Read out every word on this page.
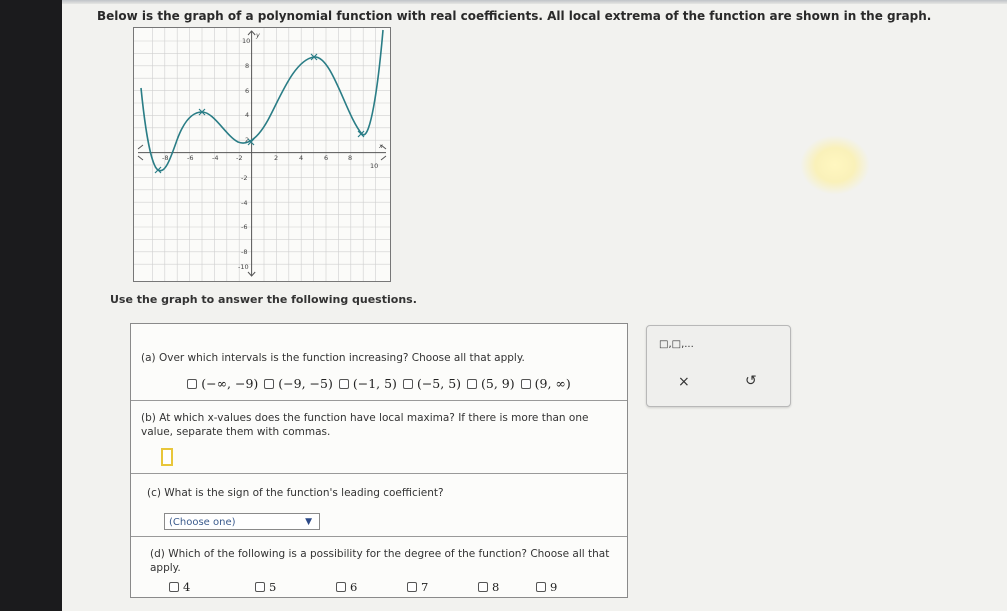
Below is the graph of a polynomial function with real coefficients. All local extrema of the function are shown in the graph.
-8	-6	-4	-2	2	4	6	8
10
10
8
6
4
2
-2
-4
-6
-8
-10
x
y
Use the graph to answer the following questions.
(a) Over which intervals is the function increasing? Choose all that apply.
(−∞, −9) (−9, −5) (−1, 5) (−5, 5) (5, 9) (9, ∞)
(b) At which x-values does the function have local maxima? If there is more than one value, separate them with commas.
(c) What is the sign of the function's leading coefficient?
(Choose one)	▼
(d) Which of the following is a possibility for the degree of the function? Choose all that apply.
4	5	6	7	8	9
□,□,...
×	↺
